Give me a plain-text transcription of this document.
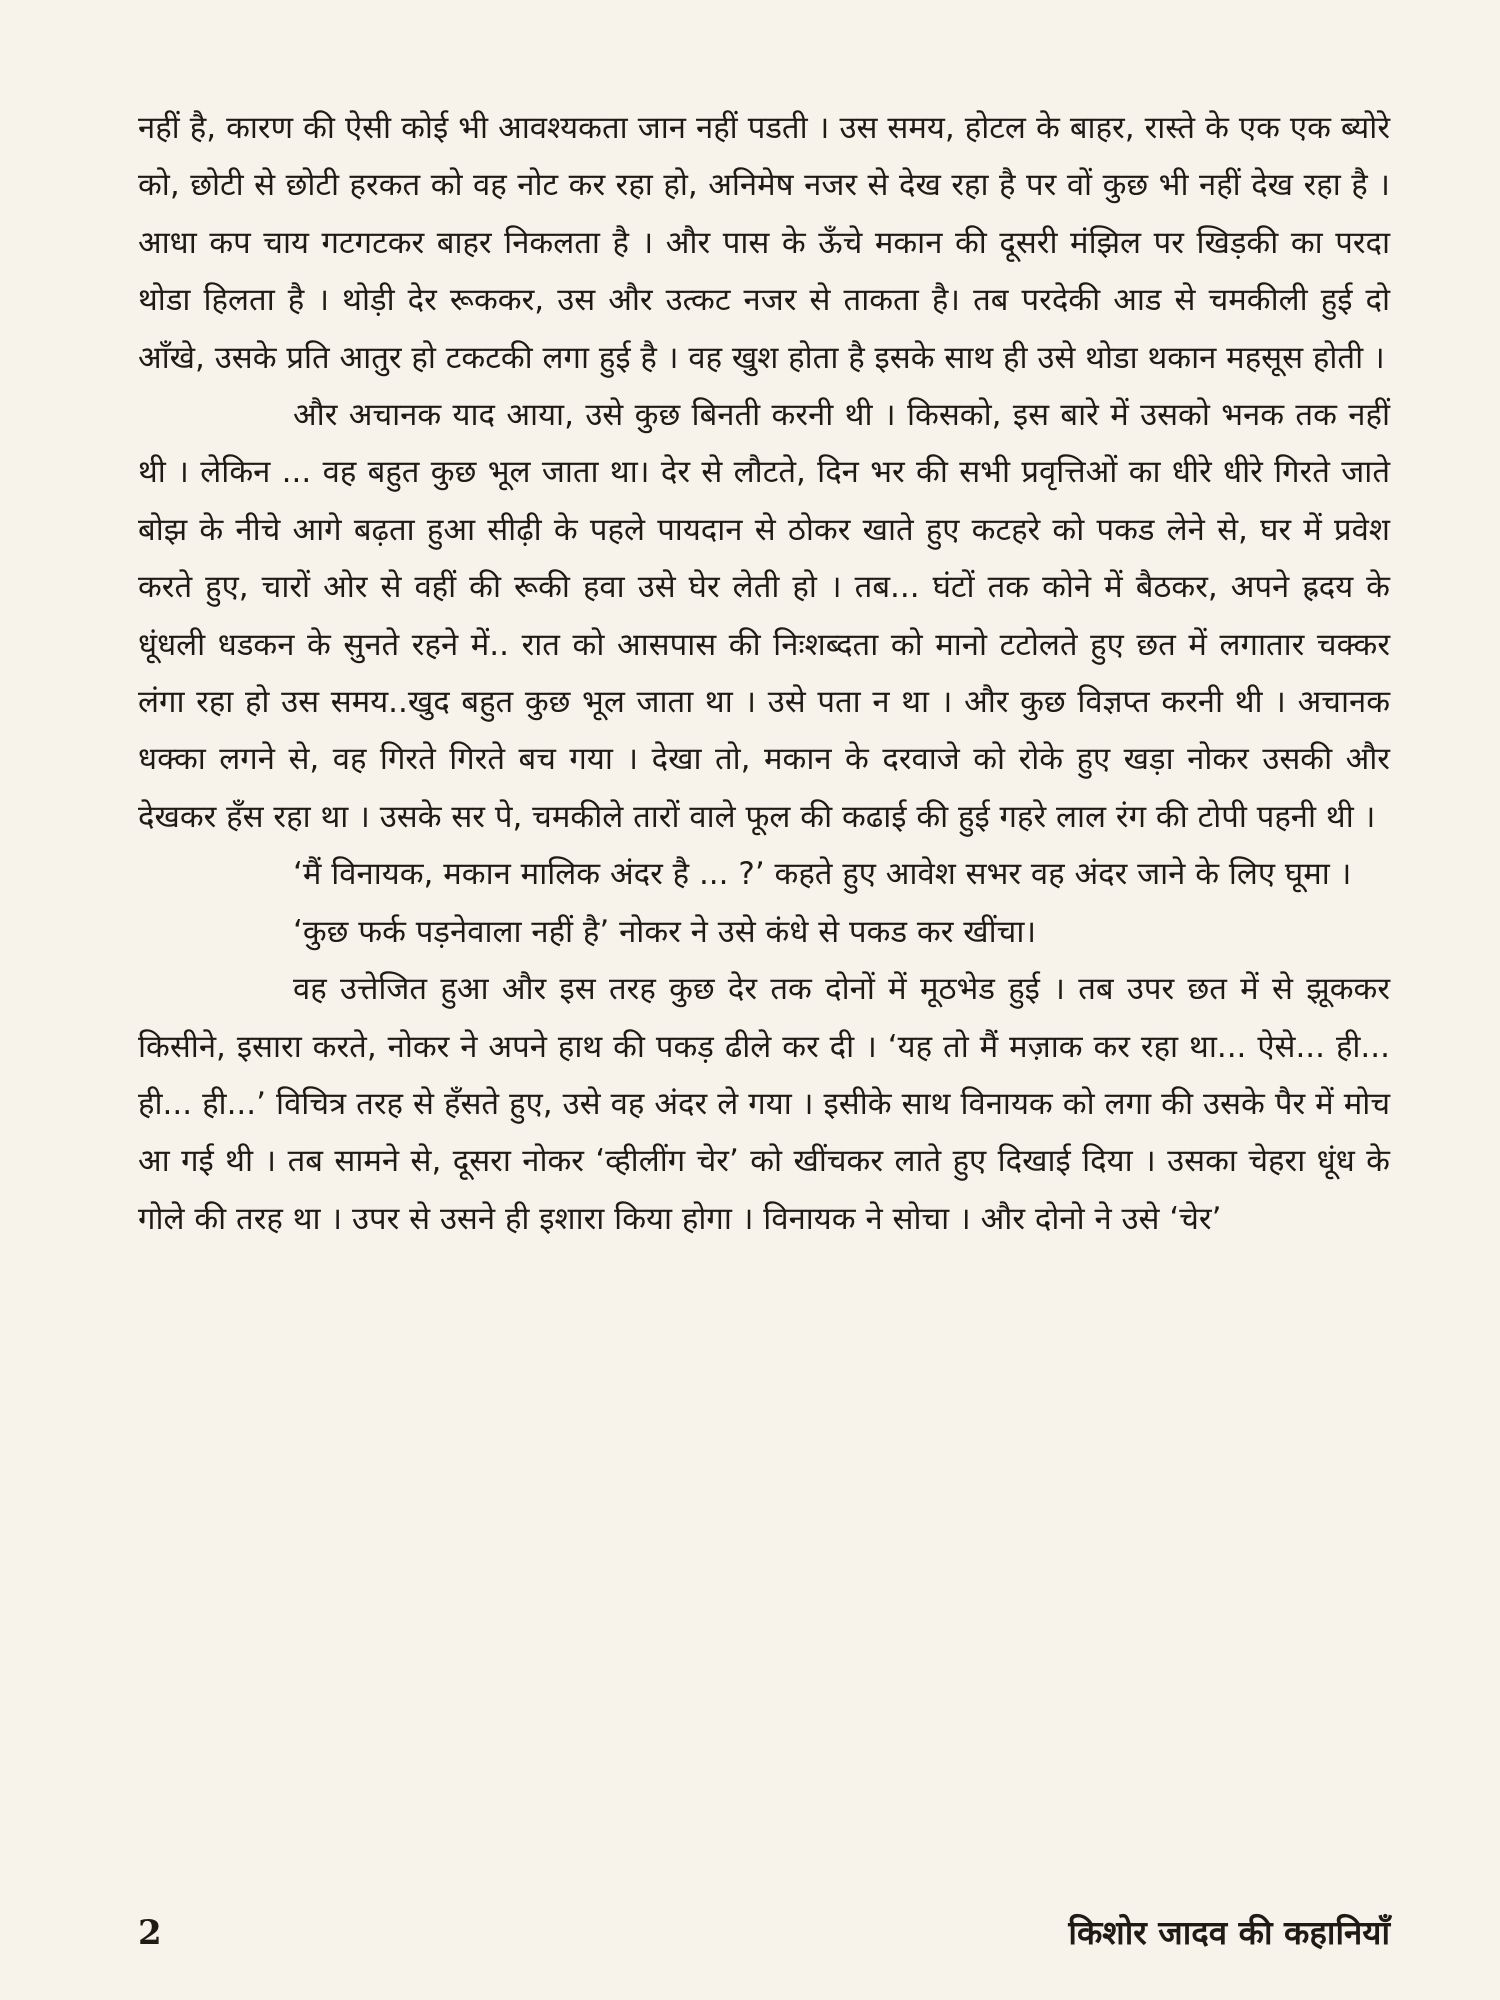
नहीं है, कारण की ऐसी कोई भी आवश्यकता जान नहीं पडती । उस समय, होटल के बाहर, रास्ते के एक एक ब्योरे को, छोटी से छोटी हरकत को वह नोट कर रहा हो, अनिमेष नजर से देख रहा है पर वों कुछ भी नहीं देख रहा है । आधा कप चाय गटगटकर बाहर निकलता है । और पास के ऊँचे मकान की दूसरी मंझिल पर खिड़की का परदा थोडा हिलता है । थोड़ी देर रूककर, उस और उत्कट नजर से ताकता है। तब परदेकी आड से चमकीली हुई दो आँखे, उसके प्रति आतुर हो टकटकी लगा हुई है । वह खुश होता है इसके साथ ही उसे थोडा थकान महसूस होती ।

और अचानक याद आया, उसे कुछ बिनती करनी थी । किसको, इस बारे में उसको भनक तक नहीं थी । लेकिन ... वह बहुत कुछ भूल जाता था। देर से लौटते, दिन भर की सभी प्रवृत्तिओं का धीरे धीरे गिरते जाते बोझ के नीचे आगे बढ़ता हुआ सीढ़ी के पहले पायदान से ठोकर खाते हुए कटहरे को पकड लेने से, घर में प्रवेश करते हुए, चारों ओर से वहीं की रूकी हवा उसे घेर लेती हो । तब... घंटों तक कोने में बैठकर, अपने ह्रदय के धूंधली धडकन के सुनते रहने में.. रात को आसपास की निःशब्दता को मानो टटोलते हुए छत में लगातार चक्कर लंगा रहा हो उस समय..खुद बहुत कुछ भूल जाता था । उसे पता न था । और कुछ विज्ञप्त करनी थी । अचानक धक्का लगने से, वह गिरते गिरते बच गया । देखा तो, मकान के दरवाजे को रोके हुए खड़ा नोकर उसकी और देखकर हँस रहा था । उसके सर पे, चमकीले तारों वाले फूल की कढाई की हुई गहरे लाल रंग की टोपी पहनी थी ।

‘मैं विनायक, मकान मालिक अंदर है ... ?’ कहते हुए आवेश सभर वह अंदर जाने के लिए घूमा ।

‘कुछ फर्क पड़नेवाला नहीं है’ नोकर ने उसे कंधे से पकड कर खींचा।

वह उत्तेजित हुआ और इस तरह कुछ देर तक दोनों में मूठभेड हुई । तब उपर छत में से झूककर किसीने, इसारा करते, नोकर ने अपने हाथ की पकड़ ढीले कर दी । ‘यह तो मैं मज़ाक कर रहा था... ऐसे... ही... ही... ही...’ विचित्र तरह से हँसते हुए, उसे वह अंदर ले गया । इसीके साथ विनायक को लगा की उसके पैर में मोच आ गई थी । तब सामने से, दूसरा नोकर ‘व्हीलींग चेर’ को खींचकर लाते हुए दिखाई दिया । उसका चेहरा धूंध के गोले की तरह था । उपर से उसने ही इशारा किया होगा । विनायक ने सोचा । और दोनो ने उसे ‘चेर’

2	किशोर जादव की कहानियाँ
